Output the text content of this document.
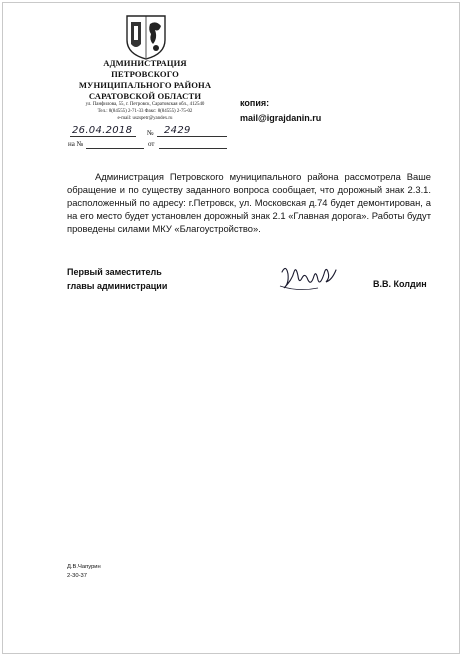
АДМИНИСТРАЦИЯ
ПЕТРОВСКОГО
МУНИЦИПАЛЬНОГО РАЙОНА
САРАТОВСКОЙ ОБЛАСТИ
ул. Панфилова, 55, г. Петровск, Саратовская обл., 412540
Тел.: 8(84555) 2-71-33 Факс: 8(84555) 2-75-02
e-mail: uszspetr@yandex.ru
копия:
mail@igrajdanin.ru
26.04.2018 № 2429
на №	от
Администрация Петровского муниципального района рассмотрела Ваше обращение и по существу заданного вопроса сообщает, что дорожный знак 2.3.1. расположенный по адресу: г.Петровск, ул. Московская д.74 будет демонтирован, а на его место будет установлен дорожный знак 2.1 «Главная дорога». Работы будут проведены силами МКУ «Благоустройство».
Первый заместитель
главы администрации	В.В. Колдин
Д.В.Чапурин
2-30-37
